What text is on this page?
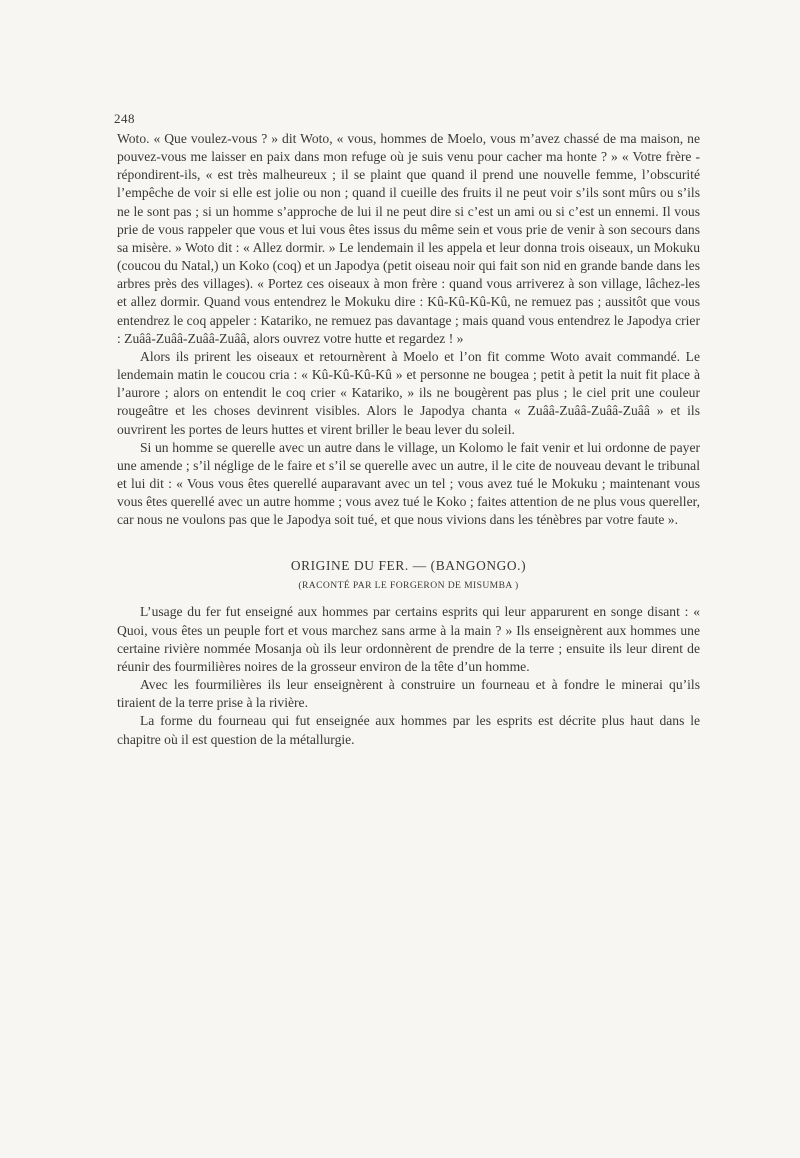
248

Woto. « Que voulez-vous ? » dit Woto, « vous, hommes de Moelo, vous m’avez chassé de ma maison, ne pouvez-vous me laisser en paix dans mon refuge où je suis venu pour cacher ma honte ? » « Votre frère - répondirent-ils, « est très malheureux ; il se plaint que quand il prend une nouvelle femme, l’obscurité l’empêche de voir si elle est jolie ou non ; quand il cueille des fruits il ne peut voir s’ils sont mûrs ou s’ils ne le sont pas ; si un homme s’approche de lui il ne peut dire si c’est un ami ou si c’est un ennemi. Il vous prie de vous rappeler que vous et lui vous êtes issus du même sein et vous prie de venir à son secours dans sa misère. » Woto dit : « Allez dormir. » Le lendemain il les appela et leur donna trois oiseaux, un Mokuku (coucou du Natal,) un Koko (coq) et un Japodya (petit oiseau noir qui fait son nid en grande bande dans les arbres près des villages). « Portez ces oiseaux à mon frère : quand vous arriverez à son village, lâchez-les et allez dormir. Quand vous entendrez le Mokuku dire : Kû-Kû-Kû-Kû, ne remuez pas ; aussitôt que vous entendrez le coq appeler : Katariko, ne remuez pas davantage ; mais quand vous entendrez le Japodya crier : Zuââ-Zuââ-Zuââ-Zuââ, alors ouvrez votre hutte et regardez ! »

Alors ils prirent les oiseaux et retournèrent à Moelo et l’on fit comme Woto avait commandé. Le lendemain matin le coucou cria : « Kû-Kû-Kû-Kû » et personne ne bougea ; petit à petit la nuit fit place à l’aurore ; alors on entendit le coq crier « Katariko, » ils ne bougèrent pas plus ; le ciel prit une couleur rougeâtre et les choses devinrent visibles. Alors le Japodya chanta « Zuââ-Zuââ-Zuââ-Zuââ » et ils ouvrirent les portes de leurs huttes et virent briller le beau lever du soleil.

Si un homme se querelle avec un autre dans le village, un Kolomo le fait venir et lui ordonne de payer une amende ; s’il néglige de le faire et s’il se querelle avec un autre, il le cite de nouveau devant le tribunal et lui dit : « Vous vous êtes querellé auparavant avec un tel ; vous avez tué le Mokuku ; maintenant vous vous êtes querellé avec un autre homme ; vous avez tué le Koko ; faites attention de ne plus vous quereller, car nous ne voulons pas que le Japodya soit tué, et que nous vivions dans les ténèbres par votre faute ».

ORIGINE DU FER. — (BANGONGO.)
(RACONTÉ PAR LE FORGERON DE MISUMBA )

L’usage du fer fut enseigné aux hommes par certains esprits qui leur apparurent en songe disant : « Quoi, vous êtes un peuple fort et vous marchez sans arme à la main ? » Ils enseignèrent aux hommes une certaine rivière nommée Mosanja où ils leur ordonnèrent de prendre de la terre ; ensuite ils leur dirent de réunir des fourmilières noires de la grosseur environ de la tête d’un homme.

Avec les fourmilières ils leur enseignèrent à construire un fourneau et à fondre le minerai qu’ils tiraient de la terre prise à la rivière.

La forme du fourneau qui fut enseignée aux hommes par les esprits est décrite plus haut dans le chapitre où il est question de la métallurgie.
